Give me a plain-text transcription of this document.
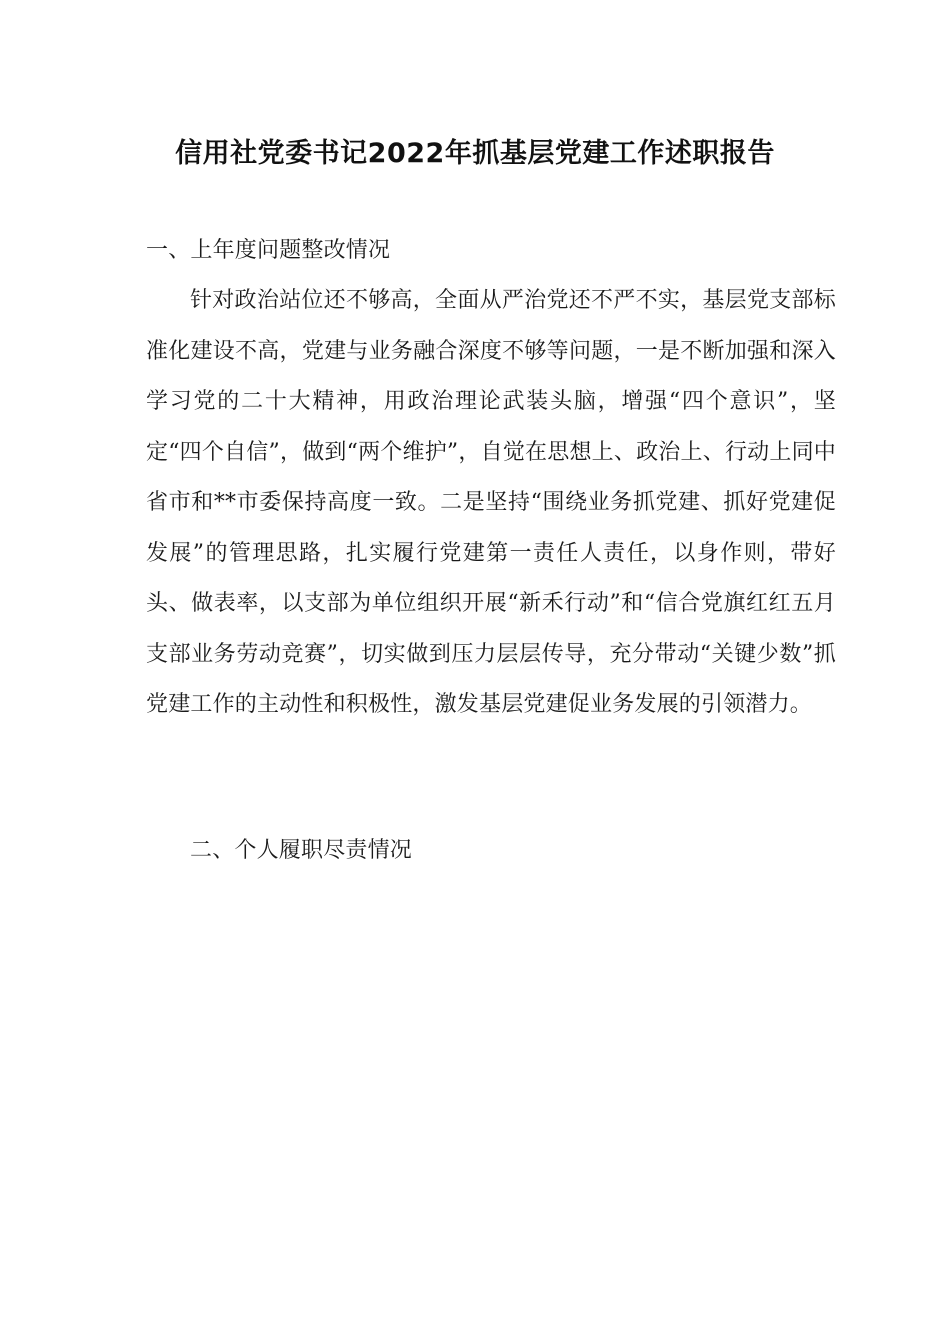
信用社党委书记2022年抓基层党建工作述职报告

一、上年度问题整改情况

针对政治站位还不够高，全面从严治党还不严不实，基层党支部标准化建设不高，党建与业务融合深度不够等问题，一是不断加强和深入学习党的二十大精神，用政治理论武装头脑，增强“四个意识”，坚定“四个自信”，做到“两个维护”，自觉在思想上、政治上、行动上同中省市和**市委保持高度一致。二是坚持“围绕业务抓党建、抓好党建促发展”的管理思路，扎实履行党建第一责任人责任，以身作则，带好头、做表率，以支部为单位组织开展“新禾行动”和“信合党旗红红五月支部业务劳动竞赛”，切实做到压力层层传导，充分带动“关键少数”抓党建工作的主动性和积极性，激发基层党建促业务发展的引领潜力。

二、个人履职尽责情况
